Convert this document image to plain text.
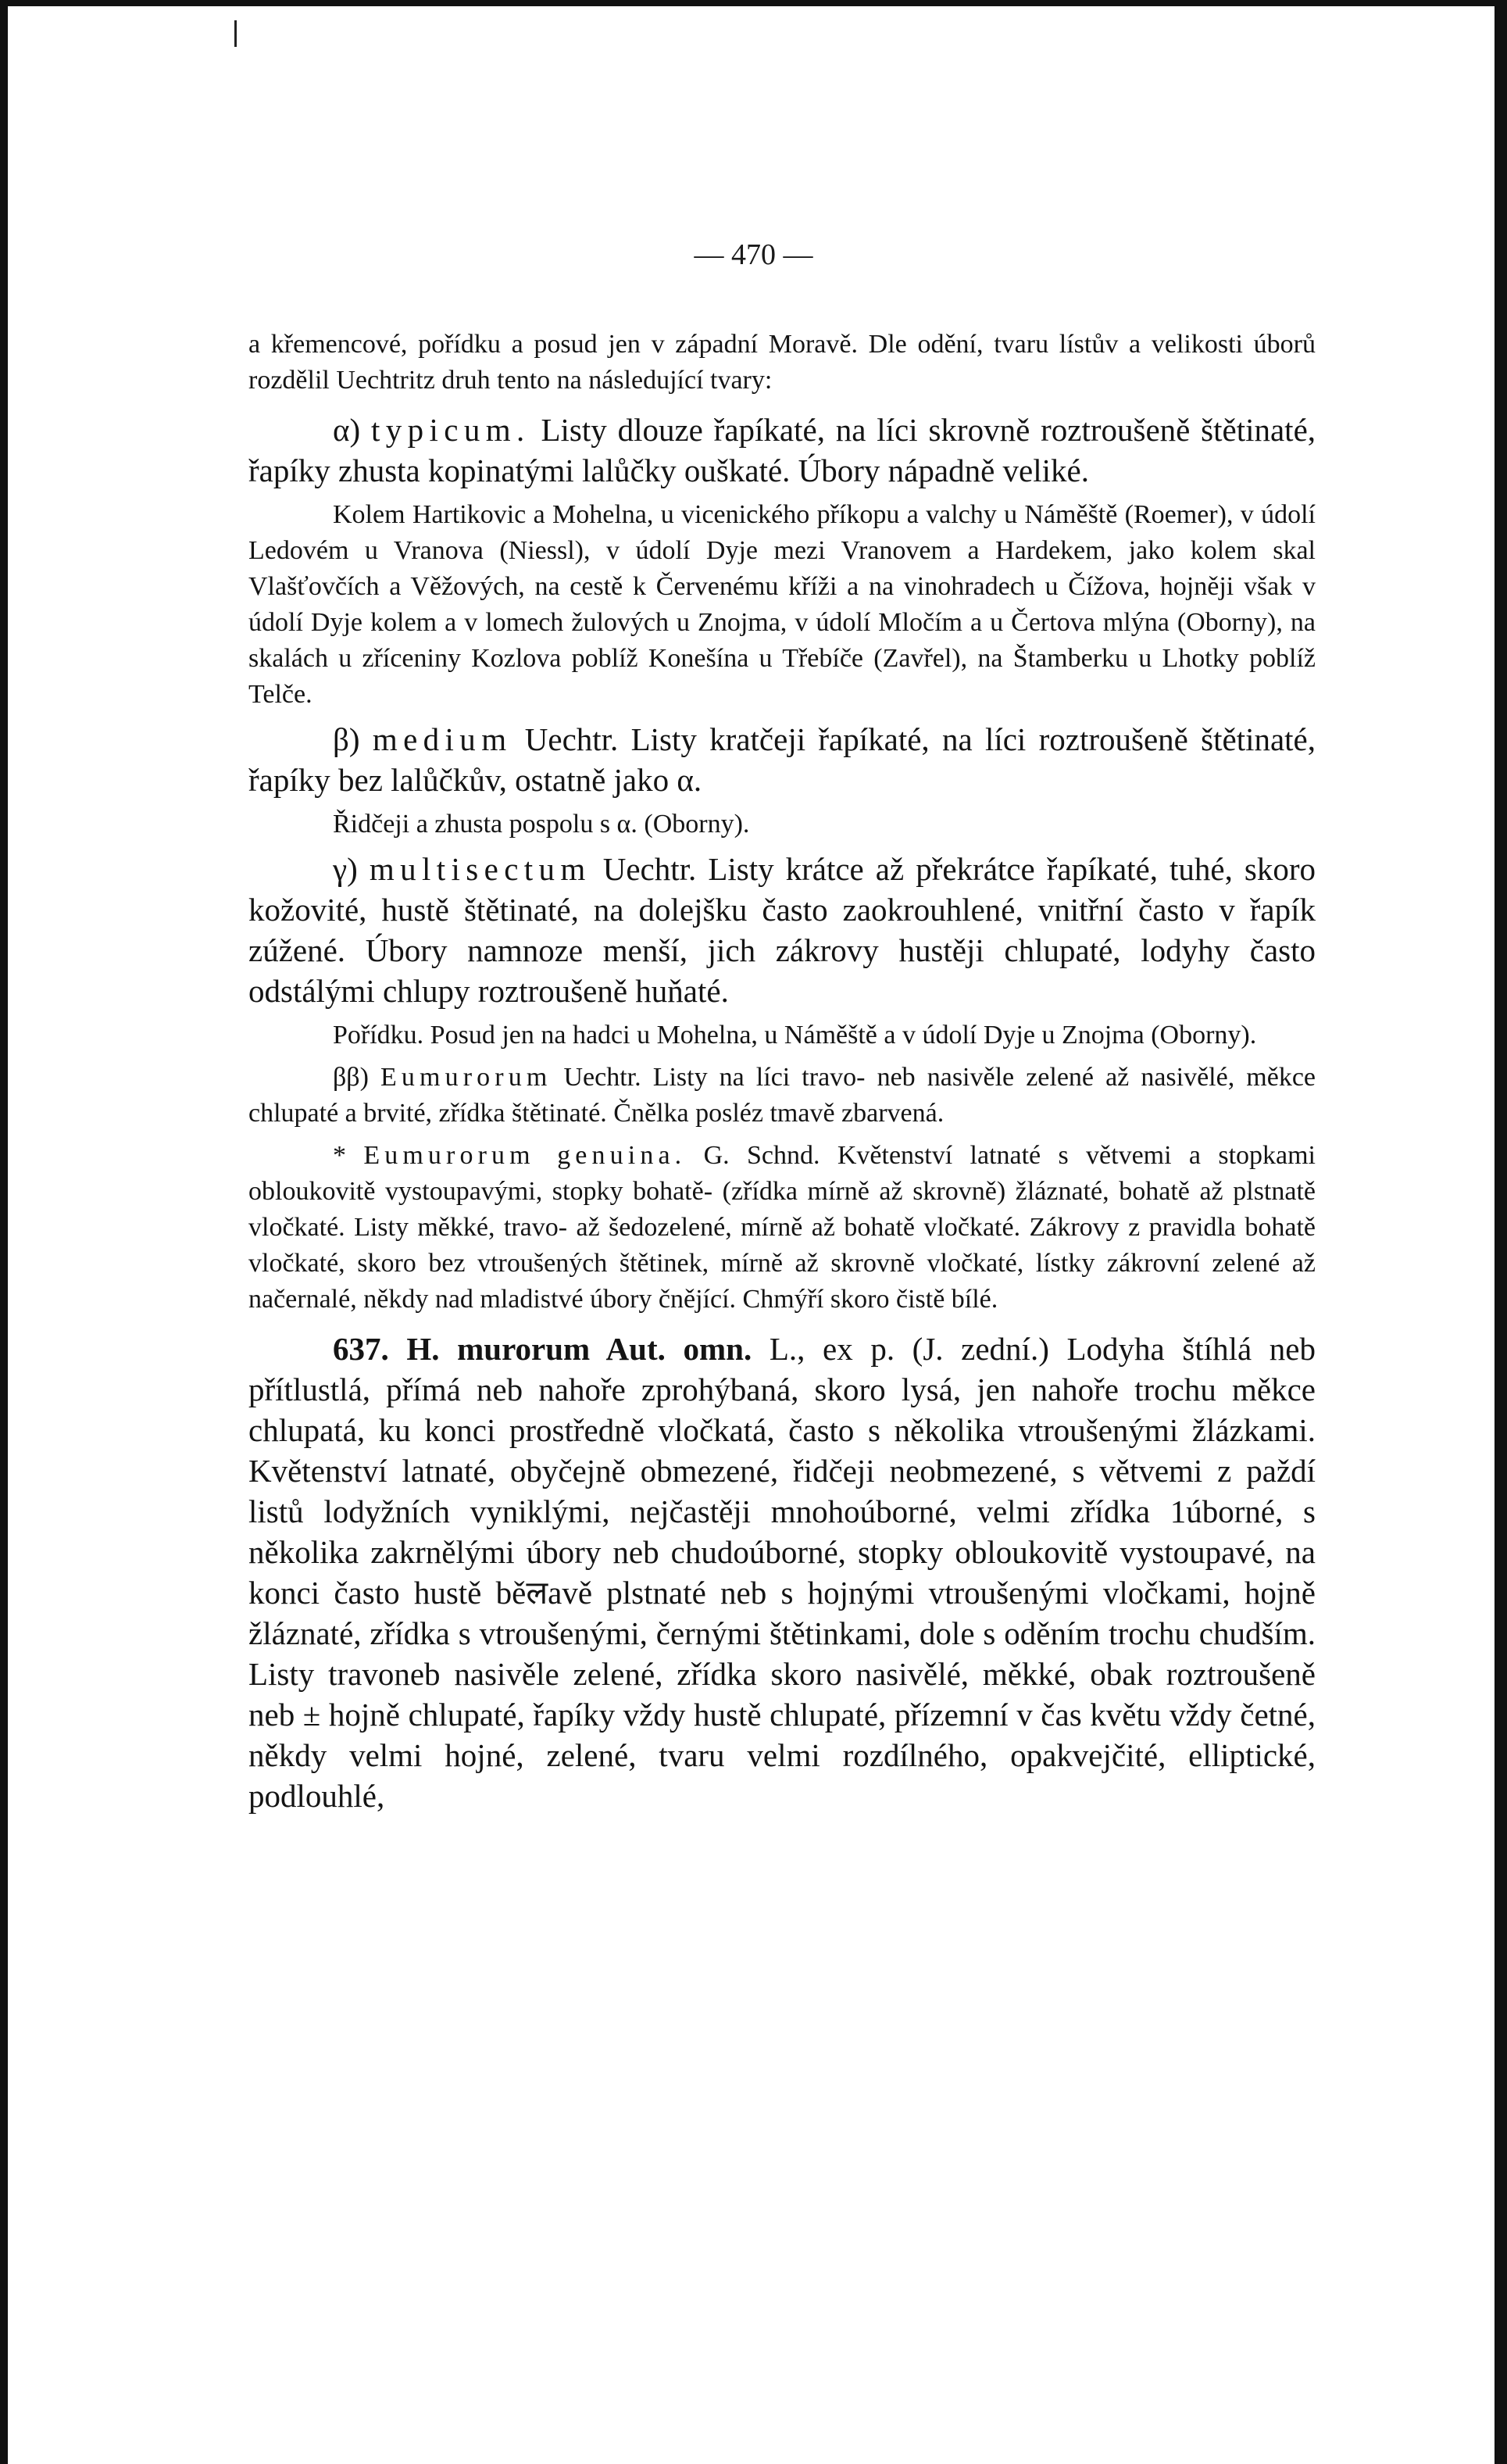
— 470 —

a křemencové, pořídku a posud jen v západní Moravě. Dle odění, tvaru lístův a velikosti úborů rozdělil Uechtritz druh tento na následující tvary:

α) typicum. Listy dlouze řapíkaté, na líci skrovně roztroušeně štětinaté, řapíky zhusta kopinatými lalůčky ouškaté. Úbory nápadně veliké.

Kolem Hartikovic a Mohelna, u vicenického příkopu a valchy u Náměště (Roemer), v údolí Ledovém u Vranova (Niessl), v údolí Dyje mezi Vranovem a Hardekem, jako kolem skal Vlašťovčích a Věžových, na cestě k Červenému kříži a na vinohradech u Čížova, hojněji však v údolí Dyje kolem a v lomech žulových u Znojma, v údolí Mločím a u Čertova mlýna (Oborny), na skalách u zříceniny Kozlova poblíž Konešína u Třebíče (Zavřel), na Štamberku u Lhotky poblíž Telče.

β) medium Uechtr. Listy kratčeji řapíkaté, na líci roztroušeně štětinaté, řapíky bez lalůčkův, ostatně jako α.

Řidčeji a zhusta pospolu s α. (Oborny).

γ) multisectum Uechtr. Listy krátce až překrátce řapíkaté, tuhé, skoro kožovité, hustě štětinaté, na dolejšku často zaokrouhlené, vnitřní často v řapík zúžené. Úbory namnoze menší, jich zákrovy hustěji chlupaté, lodyhy často odstálými chlupy roztroušeně huňaté.

Pořídku. Posud jen na hadci u Mohelna, u Náměště a v údolí Dyje u Znojma (Oborny).

ββ) Eumurorum Uechtr. Listy na líci travo- neb nasivěle zelené až nasivělé, měkce chlupaté a brvité, zřídka štětinaté. Čnělka posléz tmavě zbarvená.

* Eumurorum genuina. G. Schnd. Květenství latnaté s větvemi a stopkami obloukovitě vystoupavými, stopky bohatě- (zřídka mírně až skrovně) žláznaté, bohatě až plstnatě vločkaté. Listy měkké, travo- až šedozelené, mírně až bohatě vločkaté. Zákrovy z pravidla bohatě vločkaté, skoro bez vtroušených štětinek, mírně až skrovně vločkaté, lístky zákrovní zelené až načernalé, někdy nad mladistvé úbory čnějící. Chmýří skoro čistě bílé.

637. H. murorum Aut. omn. L., ex p. (J. zední.) Lodyha štíhlá neb přítlustlá, přímá neb nahoře zprohýbaná, skoro lysá, jen nahoře trochu měkce chlupatá, ku konci prostředně vločkatá, často s několika vtroušenými žlázkami. Květenství latnaté, obyčejně obmezené, řidčeji neobmezené, s větvemi z paždí listů lodyžních vyniklými, nejčastěji mnohoúborné, velmi zřídka 1úborné, s několika zakrnělými úbory neb chudoúborné, stopky obloukovitě vystoupavé, na konci často hustě běलavě plstnaté neb s hojnými vtroušenými vločkami, hojně žláznaté, zřídka s vtroušenými, černými štětinkami, dole s oděním trochu chudším. Listy travoneb nasivěle zelené, zřídka skoro nasivělé, měkké, obak roztroušeně neb ± hojně chlupaté, řapíky vždy hustě chlupaté, přízemní v čas květu vždy četné, někdy velmi hojné, zelené, tvaru velmi rozdílného, opakvejčité, elliptické, podlouhlé,
